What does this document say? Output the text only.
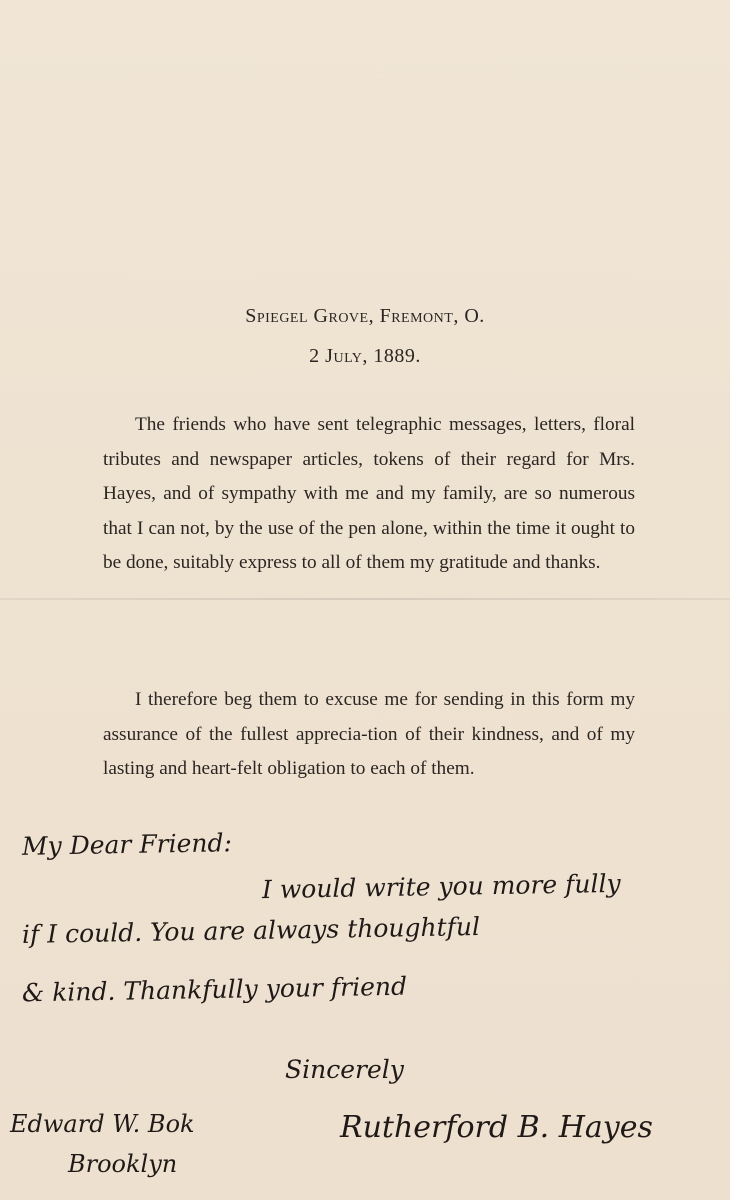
Spiegel Grove, Fremont, O.
2 July, 1889.

The friends who have sent telegraphic messages, letters, floral tributes and newspaper articles, tokens of their regard for Mrs. Hayes, and of sympathy with me and my family, are so numerous that I can not, by the use of the pen alone, within the time it ought to be done, suitably express to all of them my gratitude and thanks.

I therefore beg them to excuse me for sending in this form my assurance of the fullest apprecia-tion of their kindness, and of my lasting and heart-felt obligation to each of them.

My Dear Friend:
I would write you more fully
if I could. You are always thoughtful
& kind. Thankfully your friend
Sincerely
Rutherford B. Hayes
Edward W. Bok
Brooklyn
